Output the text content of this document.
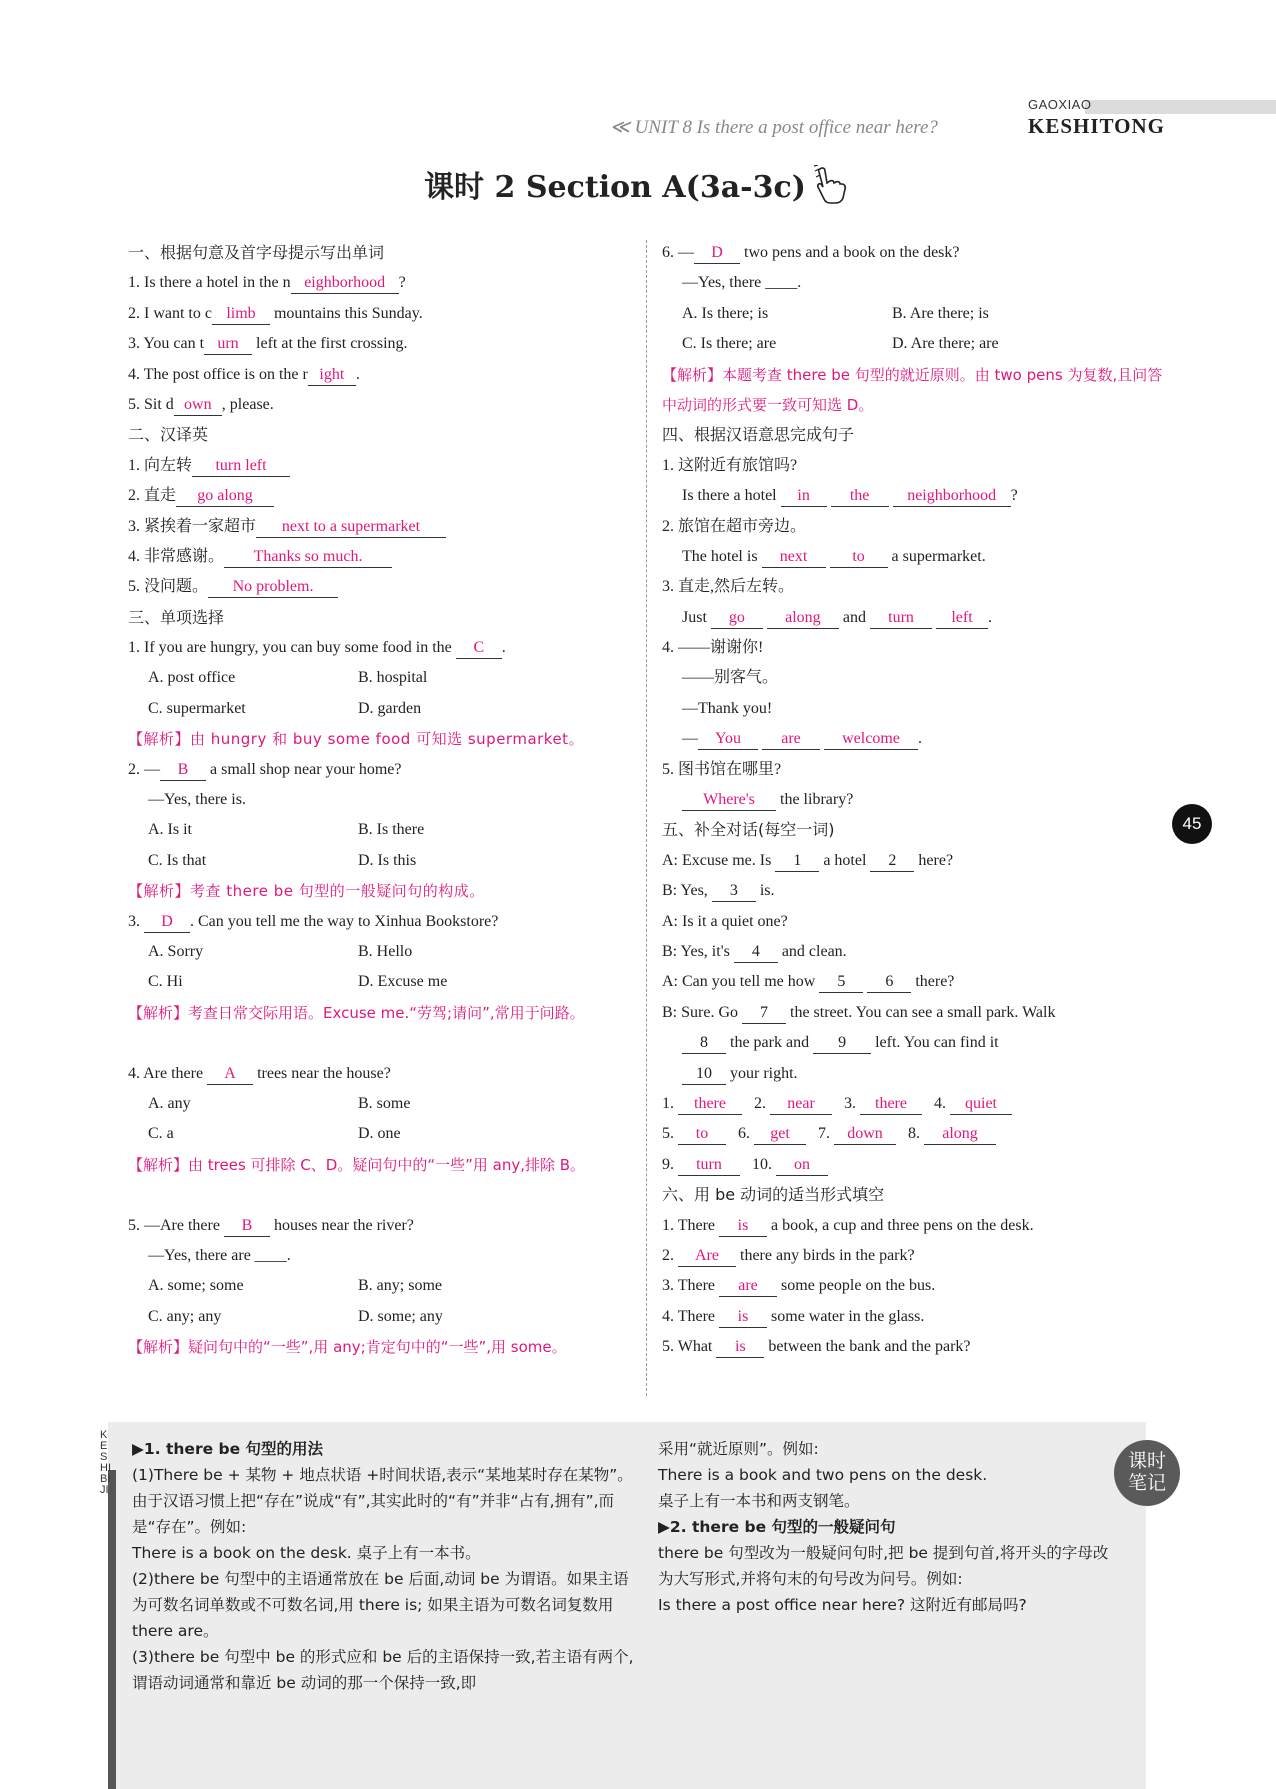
GAOXIAO
KESHITONG
≪ UNIT 8 Is there a post office near here?
课时 2 Section A(3a-3c)
一、根据句意及首字母提示写出单词
1. Is there a hotel in the n eighborhood ?
2. I want to c limb mountains this Sunday.
3. You can t urn left at the first crossing.
4. The post office is on the r ight .
5. Sit d own , please.
二、汉译英
1. 向左转 turn left
2. 直走 go along
3. 紧挨着一家超市 next to a supermarket
4. 非常感谢。 Thanks so much.
5. 没问题。 No problem.
三、单项选择
1. If you are hungry, you can buy some food in the C .
A. post office	B. hospital
C. supermarket	D. garden
【解析】由 hungry 和 buy some food 可知选 supermarket。
2. — B a small shop near your home?
—Yes, there is.
A. Is it	B. Is there
C. Is that	D. Is this
【解析】考查 there be 句型的一般疑问句的构成。
3. D . Can you tell me the way to Xinhua Bookstore?
A. Sorry	B. Hello
C. Hi	D. Excuse me
【解析】考查日常交际用语。Excuse me.“劳驾;请问”,常用于问路。
4. Are there A trees near the house?
A. any	B. some
C. a	D. one
【解析】由 trees 可排除 C、D。疑问句中的“一些”用 any,排除 B。
5. —Are there B houses near the river?
—Yes, there are ____.
A. some; some	B. any; some
C. any; any	D. some; any
【解析】疑问句中的“一些”,用 any;肯定句中的“一些”,用 some。
6. — D two pens and a book on the desk?
—Yes, there ____.
A. Is there; is	B. Are there; is
C. Is there; are	D. Are there; are
【解析】本题考查 there be 句型的就近原则。由 two pens 为复数,且问答中动词的形式要一致可知选 D。
四、根据汉语意思完成句子
1. 这附近有旅馆吗?
Is there a hotel in	the neighborhood ?
2. 旅馆在超市旁边。
The hotel is next	to a supermarket.
3. 直走,然后左转。
Just go	along and turn left .
4. ——谢谢你!
——别客气。
—Thank you!
— You	are	welcome .
5. 图书馆在哪里?
Where's the library?
五、补全对话(每空一词)
A: Excuse me. Is 1 a hotel 2 here?
B: Yes, 3 is.
A: Is it a quiet one?
B: Yes, it's 4 and clean.
A: Can you tell me how 5	6 there?
B: Sure. Go 7 the street. You can see a small park. Walk
8 the park and 9 left. You can find it
10 your right.
1. there 2. near 3. there 4. quiet
5. to 6. get 7. down 8. along
9. turn 10. on
六、用 be 动词的适当形式填空
1. There is a book, a cup and three pens on the desk.
2. Are there any birds in the park?
3. There are some people on the bus.
4. There is some water in the glass.
5. What is between the bank and the park?
45
KESHIBIJI
▶1. there be 句型的用法
(1)There be + 某物 + 地点状语 +时间状语,表示“某地某时存在某物”。由于汉语习惯上把“存在”说成“有”,其实此时的“有”并非“占有,拥有”,而是“存在”。例如:
There is a book on the desk. 桌子上有一本书。
(2)there be 句型中的主语通常放在 be 后面,动词 be 为谓语。如果主语为可数名词单数或不可数名词,用 there is; 如果主语为可数名词复数用 there are。
(3)there be 句型中 be 的形式应和 be 后的主语保持一致,若主语有两个,谓语动词通常和靠近 be 动词的那一个保持一致,即
采用“就近原则”。例如:
There is a book and two pens on the desk.
桌子上有一本书和两支钢笔。
▶2. there be 句型的一般疑问句
there be 句型改为一般疑问句时,把 be 提到句首,将开头的字母改为大写形式,并将句末的句号改为问号。例如:
Is there a post office near here? 这附近有邮局吗?
课时
笔记
